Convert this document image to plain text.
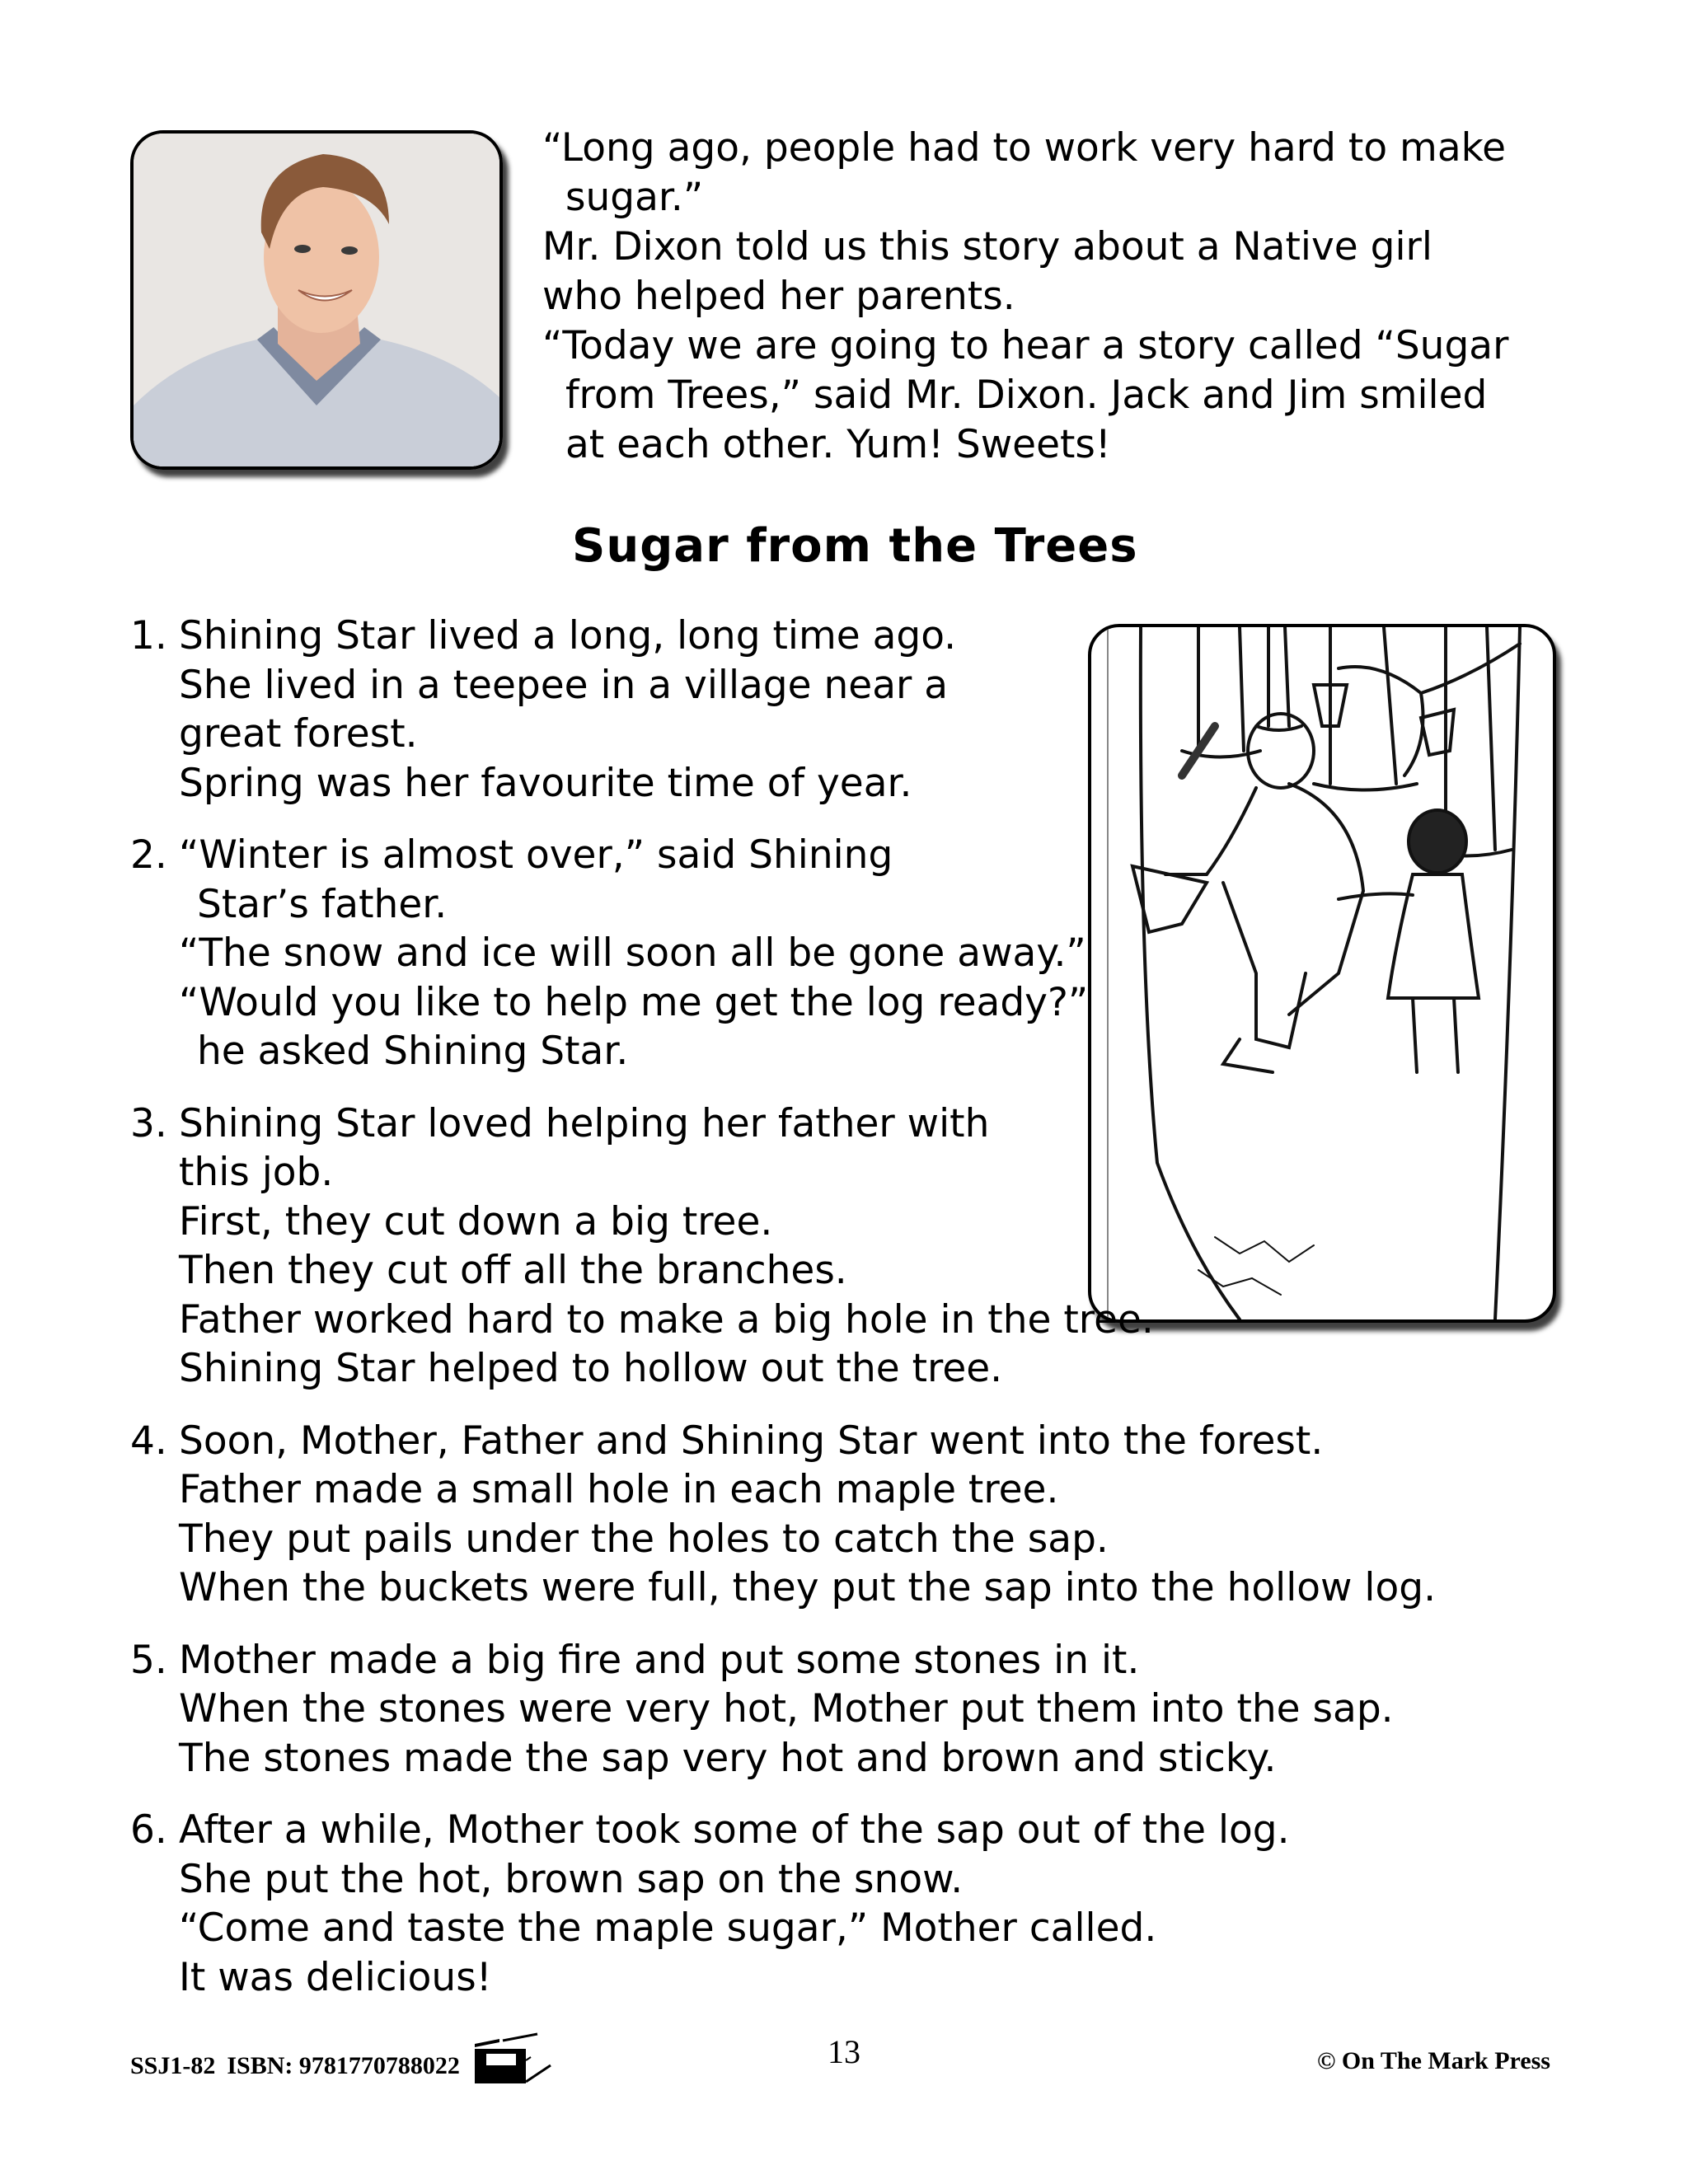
“Long ago, people had to work very hard to make

sugar.”

Mr. Dixon told us this story about a Native girl

who helped her parents.

“Today we are going to hear a story called “Sugar

from Trees,” said Mr. Dixon. Jack and Jim smiled

at each other. Yum! Sweets!

Sugar from the Trees
1. Shining Star lived a long, long time ago.

She lived in a teepee in a village near a

great forest.

Spring was her favourite time of year.

2. “Winter is almost over,” said Shining

Star’s father.

“The snow and ice will soon all be gone away.”

“Would you like to help me get the log ready?”

he asked Shining Star.

3. Shining Star loved helping her father with

this job.

First, they cut down a big tree.

Then they cut off all the branches.

Father worked hard to make a big hole in the tree.

Shining Star helped to hollow out the tree.

4. Soon, Mother, Father and Shining Star went into the forest.

Father made a small hole in each maple tree.

They put pails under the holes to catch the sap.

When the buckets were full, they put the sap into the hollow log.

5. Mother made a big fire and put some stones in it.

When the stones were very hot, Mother put them into the sap.

The stones made the sap very hot and brown and sticky.

6. After a while, Mother took some of the sap out of the log.

She put the hot, brown sap on the snow.

“Come and taste the maple sugar,” Mother called.

It was delicious!

SSJ1-82 ISBN: 9781770788022	13	© On The Mark Press
